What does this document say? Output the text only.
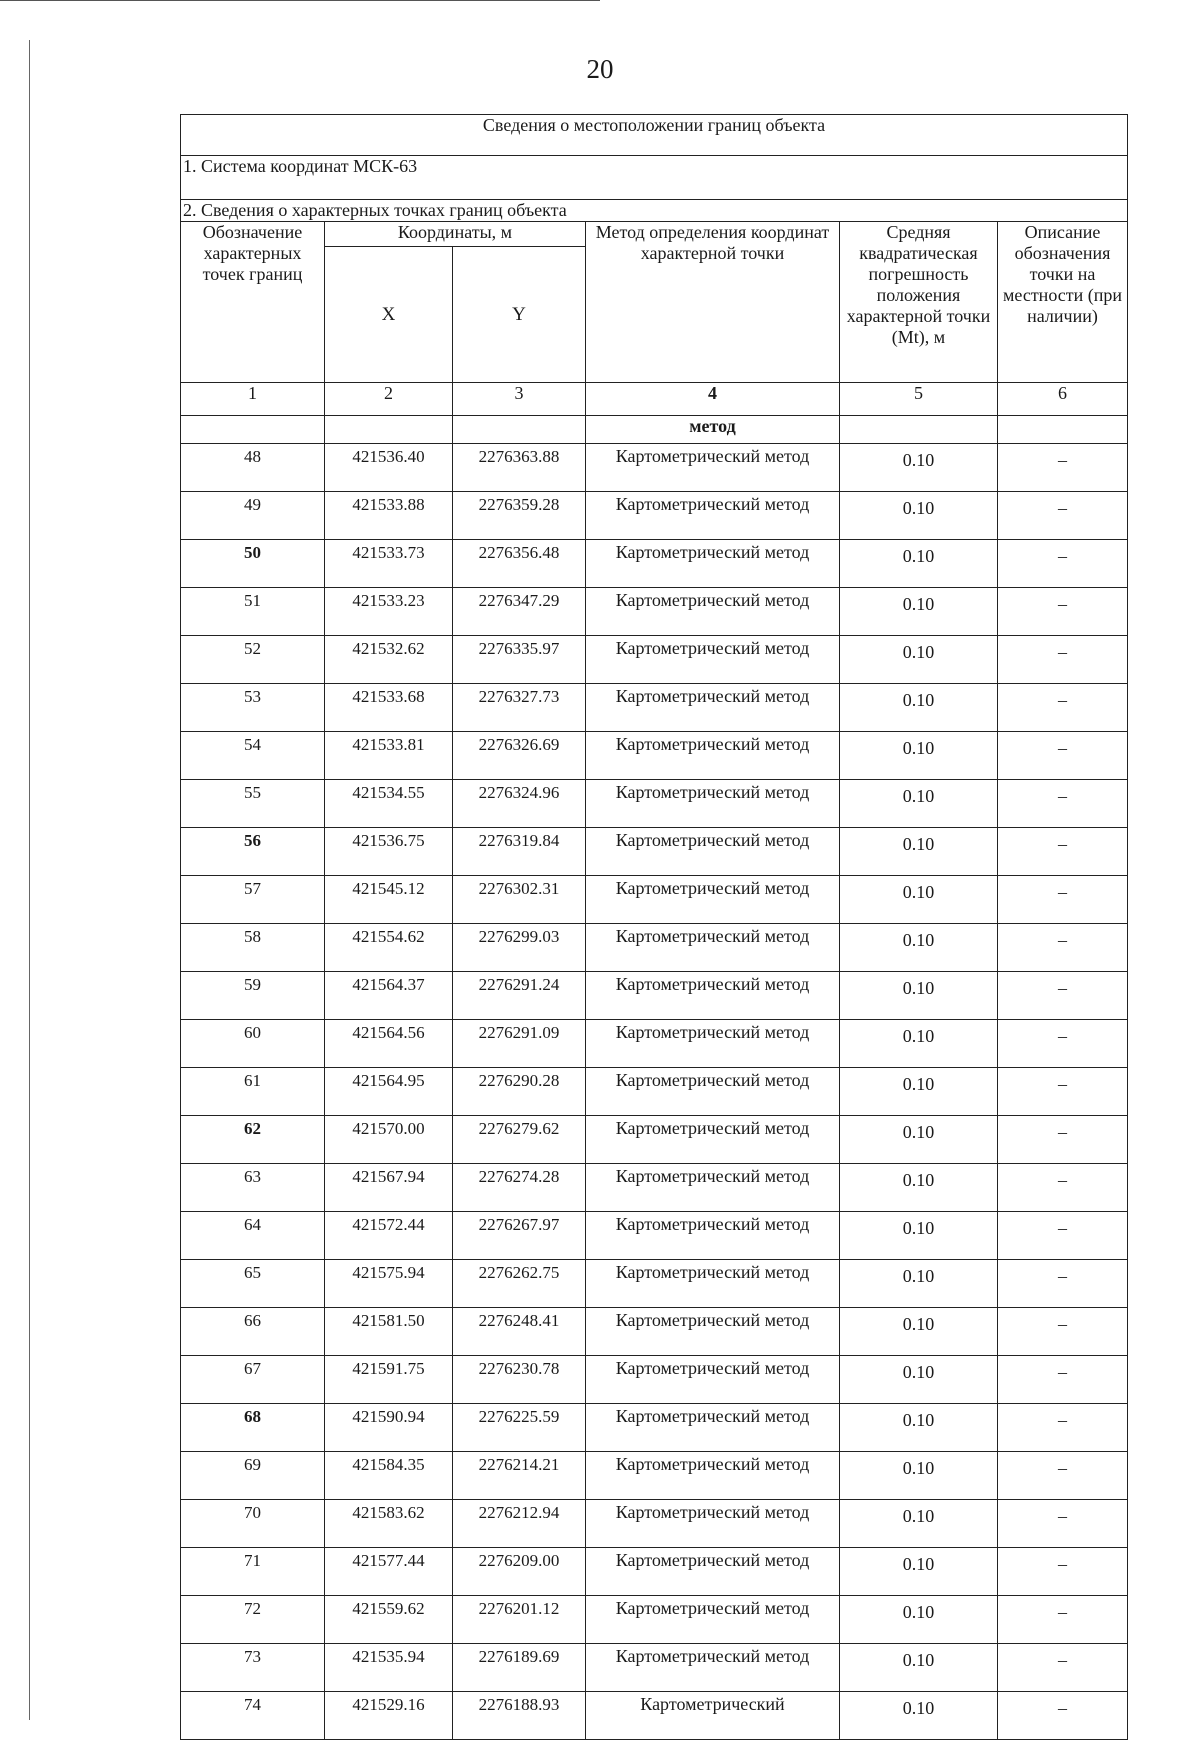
20
Сведения о местоположении границ объекта					
1. Система координат МСК-63					
2. Сведения о характерных точках границ объекта					
Обозначение характерных точек границ	Координаты, м		Метод определения координат характерной точки	Средняя квадратическая погрешность положения характерной точки (Mt), м	Описание обозначения точки на местности (при наличии)
	X	Y			
1	2	3	4	5	6
			метод		
48	421536.40	2276363.88	Картометрический метод	0.10	–
49	421533.88	2276359.28	Картометрический метод	0.10	–
50	421533.73	2276356.48	Картометрический метод	0.10	–
51	421533.23	2276347.29	Картометрический метод	0.10	–
52	421532.62	2276335.97	Картометрический метод	0.10	–
53	421533.68	2276327.73	Картометрический метод	0.10	–
54	421533.81	2276326.69	Картометрический метод	0.10	–
55	421534.55	2276324.96	Картометрический метод	0.10	–
56	421536.75	2276319.84	Картометрический метод	0.10	–
57	421545.12	2276302.31	Картометрический метод	0.10	–
58	421554.62	2276299.03	Картометрический метод	0.10	–
59	421564.37	2276291.24	Картометрический метод	0.10	–
60	421564.56	2276291.09	Картометрический метод	0.10	–
61	421564.95	2276290.28	Картометрический метод	0.10	–
62	421570.00	2276279.62	Картометрический метод	0.10	–
63	421567.94	2276274.28	Картометрический метод	0.10	–
64	421572.44	2276267.97	Картометрический метод	0.10	–
65	421575.94	2276262.75	Картометрический метод	0.10	–
66	421581.50	2276248.41	Картометрический метод	0.10	–
67	421591.75	2276230.78	Картометрический метод	0.10	–
68	421590.94	2276225.59	Картометрический метод	0.10	–
69	421584.35	2276214.21	Картометрический метод	0.10	–
70	421583.62	2276212.94	Картометрический метод	0.10	–
71	421577.44	2276209.00	Картометрический метод	0.10	–
72	421559.62	2276201.12	Картометрический метод	0.10	–
73	421535.94	2276189.69	Картометрический метод	0.10	–
74	421529.16	2276188.93	Картометрический	0.10	–
